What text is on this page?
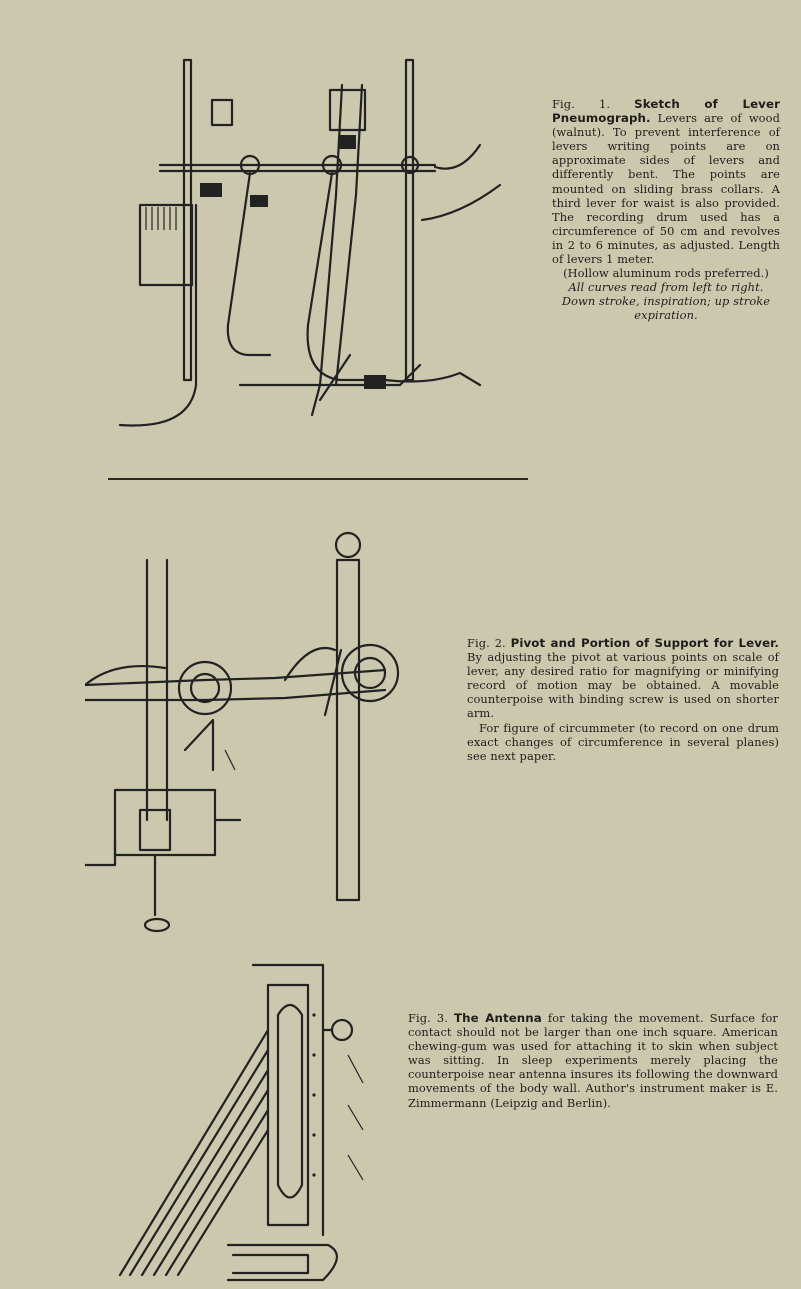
Fig. 1. Sketch of Lever Pneumograph. Levers are of wood (walnut). To prevent interference of levers writing points are on approximate sides of levers and differently bent. The points are mounted on sliding brass collars. A third lever for waist is also provided. The recording drum used has a circumference of 50 cm and revolves in 2 to 6 minutes, as adjusted. Length of levers 1 meter.

(Hollow aluminum rods preferred.)

All curves read from left to right.

Down stroke, inspiration; up stroke expiration.

Fig. 2. Pivot and Portion of Support for Lever. By adjusting the pivot at various points on scale of lever, any desired ratio for magnifying or minifying record of motion may be obtained. A movable counterpoise with binding screw is used on shorter arm.

For figure of circummeter (to record on one drum exact changes of circumference in several planes) see next paper.

Fig. 3. The Antenna for taking the movement. Surface for contact should not be larger than one inch square. American chewing-gum was used for attaching it to skin when subject was sitting. In sleep experiments merely placing the counterpoise near antenna insures its following the downward movements of the body wall. Author's instrument maker is E. Zimmermann (Leipzig and Berlin).
